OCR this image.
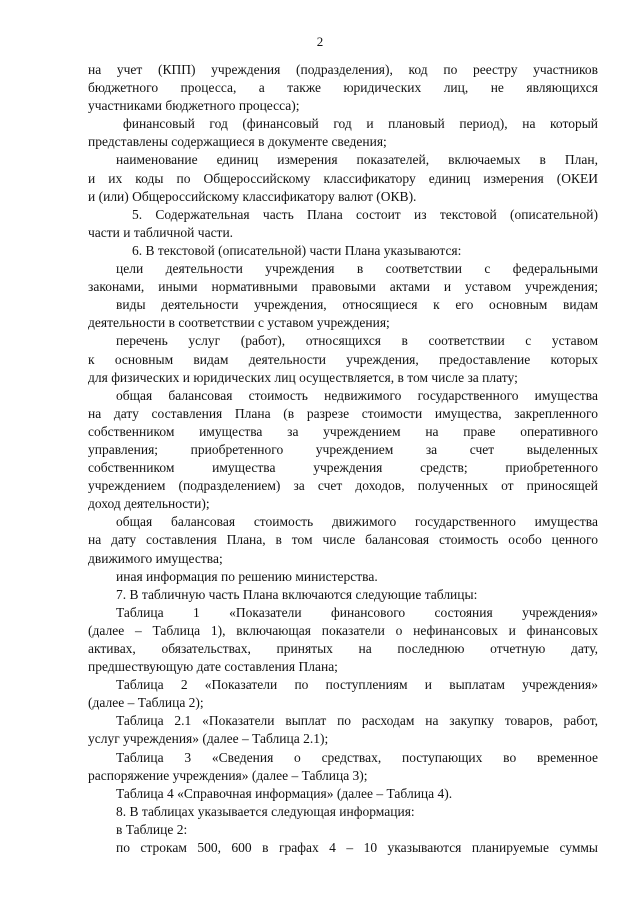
2
на учет (КПП) учреждения (подразделения), код по реестру участников
бюджетного процесса, а также юридических лиц, не являющихся
участниками бюджетного процесса);
финансовый год (финансовый год и плановый период), на который
представлены содержащиеся в документе сведения;
наименование единиц измерения показателей, включаемых в План,
и их коды по Общероссийскому классификатору единиц измерения (ОКЕИ
и (или) Общероссийскому классификатору валют (ОКВ).
5. Содержательная часть Плана состоит из текстовой (описательной)
части и табличной части.
6. В текстовой (описательной) части Плана указываются:
цели деятельности учреждения в соответствии с федеральными
законами, иными нормативными правовыми актами и уставом учреждения;
виды деятельности учреждения, относящиеся к его основным видам
деятельности в соответствии с уставом учреждения;
перечень услуг (работ), относящихся в соответствии с уставом
к основным видам деятельности учреждения, предоставление которых
для физических и юридических лиц осуществляется, в том числе за плату;
общая балансовая стоимость недвижимого государственного имущества
на дату составления Плана (в разрезе стоимости имущества, закрепленного
собственником имущества за учреждением на праве оперативного
управления; приобретенного учреждением за счет выделенных
собственником имущества учреждения средств; приобретенного
учреждением (подразделением) за счет доходов, полученных от приносящей
доход деятельности);
общая балансовая стоимость движимого государственного имущества
на дату составления Плана, в том числе балансовая стоимость особо ценного
движимого имущества;
иная информация по решению министерства.
7. В табличную часть Плана включаются следующие таблицы:
Таблица 1 «Показатели финансового состояния учреждения»
(далее – Таблица 1), включающая показатели о нефинансовых и финансовых
активах, обязательствах, принятых на последнюю отчетную дату,
предшествующую дате составления Плана;
Таблица 2 «Показатели по поступлениям и выплатам учреждения»
(далее – Таблица 2);
Таблица 2.1 «Показатели выплат по расходам на закупку товаров, работ,
услуг учреждения» (далее – Таблица 2.1);
Таблица 3 «Сведения о средствах, поступающих во временное
распоряжение учреждения» (далее – Таблица 3);
Таблица 4 «Справочная информация» (далее – Таблица 4).
8. В таблицах указывается следующая информация:
в Таблице 2:
по строкам 500, 600 в графах 4 – 10 указываются планируемые суммы
